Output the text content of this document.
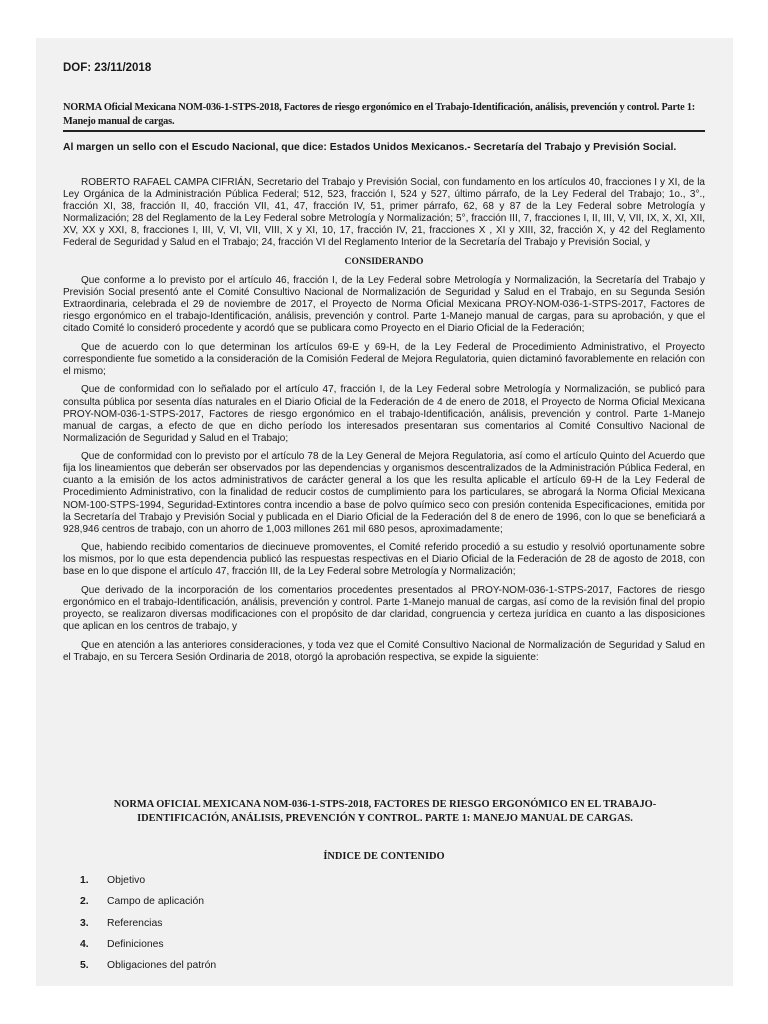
DOF: 23/11/2018
NORMA Oficial Mexicana NOM-036-1-STPS-2018, Factores de riesgo ergonómico en el Trabajo-Identificación, análisis, prevención y control. Parte 1: Manejo manual de cargas.
Al margen un sello con el Escudo Nacional, que dice: Estados Unidos Mexicanos.- Secretaría del Trabajo y Previsión Social.

ROBERTO RAFAEL CAMPA CIFRIÁN, Secretario del Trabajo y Previsión Social, con fundamento en los artículos 40, fracciones I y XI, de la Ley Orgánica de la Administración Pública Federal; 512, 523, fracción I, 524 y 527, último párrafo, de la Ley Federal del Trabajo; 1o., 3°., fracción XI, 38, fracción II, 40, fracción VII, 41, 47, fracción IV, 51, primer párrafo, 62, 68 y 87 de la Ley Federal sobre Metrología y Normalización; 28 del Reglamento de la Ley Federal sobre Metrología y Normalización; 5°, fracción III, 7, fracciones I, II, III, V, VII, IX, X, XI, XII, XV, XX y XXI, 8, fracciones I, III, V, VI, VII, VIII, X y XI, 10, 17, fracción IV, 21, fracciones X , XI y XIII, 32, fracción X, y 42 del Reglamento Federal de Seguridad y Salud en el Trabajo; 24, fracción VI del Reglamento Interior de la Secretaría del Trabajo y Previsión Social, y

CONSIDERANDO

Que conforme a lo previsto por el artículo 46, fracción I, de la Ley Federal sobre Metrología y Normalización, la Secretaría del Trabajo y Previsión Social presentó ante el Comité Consultivo Nacional de Normalización de Seguridad y Salud en el Trabajo, en su Segunda Sesión Extraordinaria, celebrada el 29 de noviembre de 2017, el Proyecto de Norma Oficial Mexicana PROY-NOM-036-1-STPS-2017, Factores de riesgo ergonómico en el trabajo-Identificación, análisis, prevención y control. Parte 1-Manejo manual de cargas, para su aprobación, y que el citado Comité lo consideró procedente y acordó que se publicara como Proyecto en el Diario Oficial de la Federación;

Que de acuerdo con lo que determinan los artículos 69-E y 69-H, de la Ley Federal de Procedimiento Administrativo, el Proyecto correspondiente fue sometido a la consideración de la Comisión Federal de Mejora Regulatoria, quien dictaminó favorablemente en relación con el mismo;

Que de conformidad con lo señalado por el artículo 47, fracción I, de la Ley Federal sobre Metrología y Normalización, se publicó para consulta pública por sesenta días naturales en el Diario Oficial de la Federación de 4 de enero de 2018, el Proyecto de Norma Oficial Mexicana PROY-NOM-036-1-STPS-2017, Factores de riesgo ergonómico en el trabajo-Identificación, análisis, prevención y control. Parte 1-Manejo manual de cargas, a efecto de que en dicho período los interesados presentaran sus comentarios al Comité Consultivo Nacional de Normalización de Seguridad y Salud en el Trabajo;

Que de conformidad con lo previsto por el artículo 78 de la Ley General de Mejora Regulatoria, así como el artículo Quinto del Acuerdo que fija los lineamientos que deberán ser observados por las dependencias y organismos descentralizados de la Administración Pública Federal, en cuanto a la emisión de los actos administrativos de carácter general a los que les resulta aplicable el artículo 69-H de la Ley Federal de Procedimiento Administrativo, con la finalidad de reducir costos de cumplimiento para los particulares, se abrogará la Norma Oficial Mexicana NOM-100-STPS-1994, Seguridad-Extintores contra incendio a base de polvo químico seco con presión contenida Especificaciones, emitida por la Secretaría del Trabajo y Previsión Social y publicada en el Diario Oficial de la Federación del 8 de enero de 1996, con lo que se beneficiará a 928,946 centros de trabajo, con un ahorro de 1,003 millones 261 mil 680 pesos, aproximadamente;

Que, habiendo recibido comentarios de diecinueve promoventes, el Comité referido procedió a su estudio y resolvió oportunamente sobre los mismos, por lo que esta dependencia publicó las respuestas respectivas en el Diario Oficial de la Federación de 28 de agosto de 2018, con base en lo que dispone el artículo 47, fracción III, de la Ley Federal sobre Metrología y Normalización;

Que derivado de la incorporación de los comentarios procedentes presentados al PROY-NOM-036-1-STPS-2017, Factores de riesgo ergonómico en el trabajo-Identificación, análisis, prevención y control. Parte 1-Manejo manual de cargas, así como de la revisión final del propio proyecto, se realizaron diversas modificaciones con el propósito de dar claridad, congruencia y certeza jurídica en cuanto a las disposiciones que aplican en los centros de trabajo, y

Que en atención a las anteriores consideraciones, y toda vez que el Comité Consultivo Nacional de Normalización de Seguridad y Salud en el Trabajo, en su Tercera Sesión Ordinaria de 2018, otorgó la aprobación respectiva, se expide la siguiente:

NORMA OFICIAL MEXICANA NOM-036-1-STPS-2018, FACTORES DE RIESGO ERGONÓMICO EN EL TRABAJO-IDENTIFICACIÓN, ANÁLISIS, PREVENCIÓN Y CONTROL. PARTE 1: MANEJO MANUAL DE CARGAS.
ÍNDICE DE CONTENIDO
1.	Objetivo
2.	Campo de aplicación
3.	Referencias
4.	Definiciones
5.	Obligaciones del patrón
